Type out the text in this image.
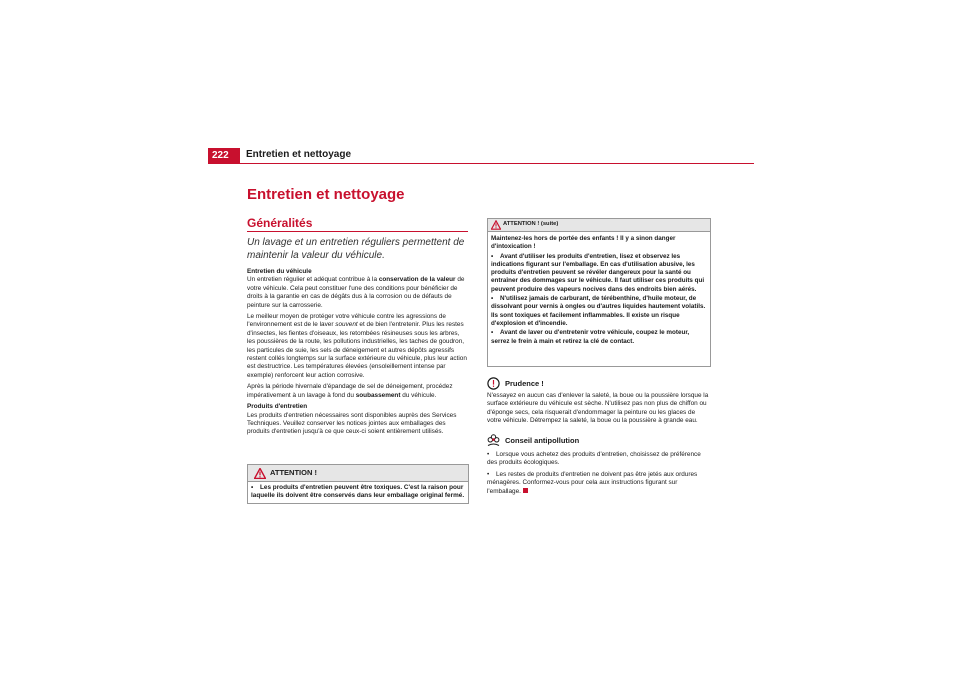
222	Entretien et nettoyage
Entretien et nettoyage
Généralités
Un lavage et un entretien réguliers permettent de maintenir la valeur du véhicule.

Entretien du véhicule

Un entretien régulier et adéquat contribue à la conservation de la valeur de votre véhicule. Cela peut constituer l'une des conditions pour bénéficier de droits à la garantie en cas de dégâts dus à la corrosion ou de défauts de peinture sur la carrosserie.

Le meilleur moyen de protéger votre véhicule contre les agressions de l'environnement est de le laver souvent et de bien l'entretenir. Plus les restes d'insectes, les fientes d'oiseaux, les retombées résineuses sous les arbres, les poussières de la route, les pollutions industrielles, les taches de goudron, les particules de suie, les sels de déneigement et autres dépôts agressifs restent collés longtemps sur la surface extérieure du véhicule, plus leur action est destructrice. Les températures élevées (ensoleillement intense par exemple) renforcent leur action corrosive.

Après la période hivernale d'épandage de sel de déneigement, procédez impérativement à un lavage à fond du soubassement du véhicule.

Produits d'entretien

Les produits d'entretien nécessaires sont disponibles auprès des Services Techniques. Veuillez conserver les notices jointes aux emballages des produits d'entretien jusqu'à ce que ceux-ci soient entièrement utilisés.

ATTENTION !
• Les produits d'entretien peuvent être toxiques. C'est la raison pour laquelle ils doivent être conservés dans leur emballage original fermé.
ATTENTION ! (suite)

Maintenez-les hors de portée des enfants ! Il y a sinon danger d'intoxication !

• Avant d'utiliser les produits d'entretien, lisez et observez les indications figurant sur l'emballage. En cas d'utilisation abusive, les produits d'entretien peuvent se révéler dangereux pour la santé ou entraîner des dommages sur le véhicule. Il faut utiliser ces produits qui peuvent produire des vapeurs nocives dans des endroits bien aérés.

• N'utilisez jamais de carburant, de térébenthine, d'huile moteur, de dissolvant pour vernis à ongles ou d'autres liquides hautement volatils. Ils sont toxiques et facilement inflammables. Il existe un risque d'explosion et d'incendie.

• Avant de laver ou d'entretenir votre véhicule, coupez le moteur, serrez le frein à main et retirez la clé de contact.

Prudence !

N'essayez en aucun cas d'enlever la saleté, la boue ou la poussière lorsque la surface extérieure du véhicule est sèche. N'utilisez pas non plus de chiffon ou d'éponge secs, cela risquerait d'endommager la peinture ou les glaces de votre véhicule. Détrempez la saleté, la boue ou la poussière à grande eau.

Conseil antipollution

• Lorsque vous achetez des produits d'entretien, choisissez de préférence des produits écologiques.

• Les restes de produits d'entretien ne doivent pas être jetés aux ordures ménagères. Conformez-vous pour cela aux instructions figurant sur l'emballage.
